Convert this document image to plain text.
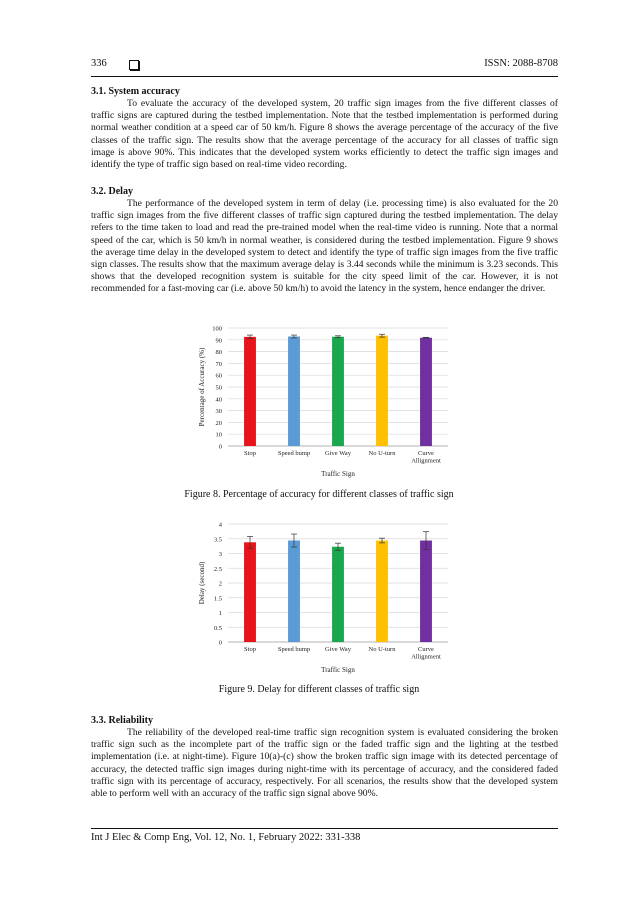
336	ISSN: 2088-8708
3.1. System accuracy
To evaluate the accuracy of the developed system, 20 traffic sign images from the five different classes of traffic signs are captured during the testbed implementation. Note that the testbed implementation is performed during normal weather condition at a speed car of 50 km/h. Figure 8 shows the average percentage of the accuracy of the five classes of the traffic sign. The results show that the average percentage of the accuracy for all classes of traffic sign image is above 90%. This indicates that the developed system works efficiently to detect the traffic sign images and identify the type of traffic sign based on real-time video recording.
3.2. Delay
The performance of the developed system in term of delay (i.e. processing time) is also evaluated for the 20 traffic sign images from the five different classes of traffic sign captured during the testbed implementation. The delay refers to the time taken to load and read the pre-trained model when the real-time video is running. Note that a normal speed of the car, which is 50 km/h in normal weather, is considered during the testbed implementation. Figure 9 shows the average time delay in the developed system to detect and identify the type of traffic sign images from the five traffic sign classes. The results show that the maximum average delay is 3.44 seconds while the minimum is 3.23 seconds. This shows that the developed recognition system is suitable for the city speed limit of the car. However, it is not recommended for a fast-moving car (i.e. above 50 km/h) to avoid the latency in the system, hence endanger the driver.
0
10
20
30
40
50
60
70
80
90
100
Stop	Speed bump Give Way	No U-turn	Curve
Allignment
Traffic Sign
Percentage of Accuracy (%)
Figure 8. Percentage of accuracy for different classes of traffic sign
0
0.5
1
1.5
2
2.5
3
3.5
4
Stop	Speed bump Give Way	No U-turn	Curve
Allignment
Traffic Sign
Delay (second)
Figure 9. Delay for different classes of traffic sign
3.3. Reliability
The reliability of the developed real-time traffic sign recognition system is evaluated considering the broken traffic sign such as the incomplete part of the traffic sign or the faded traffic sign and the lighting at the testbed implementation (i.e. at night-time). Figure 10(a)-(c) show the broken traffic sign image with its detected percentage of accuracy, the detected traffic sign images during night-time with its percentage of accuracy, and the considered faded traffic sign with its percentage of accuracy, respectively. For all scenarios, the results show that the developed system able to perform well with an accuracy of the traffic sign signal above 90%.
Int J Elec & Comp Eng, Vol. 12, No. 1, February 2022: 331-338
